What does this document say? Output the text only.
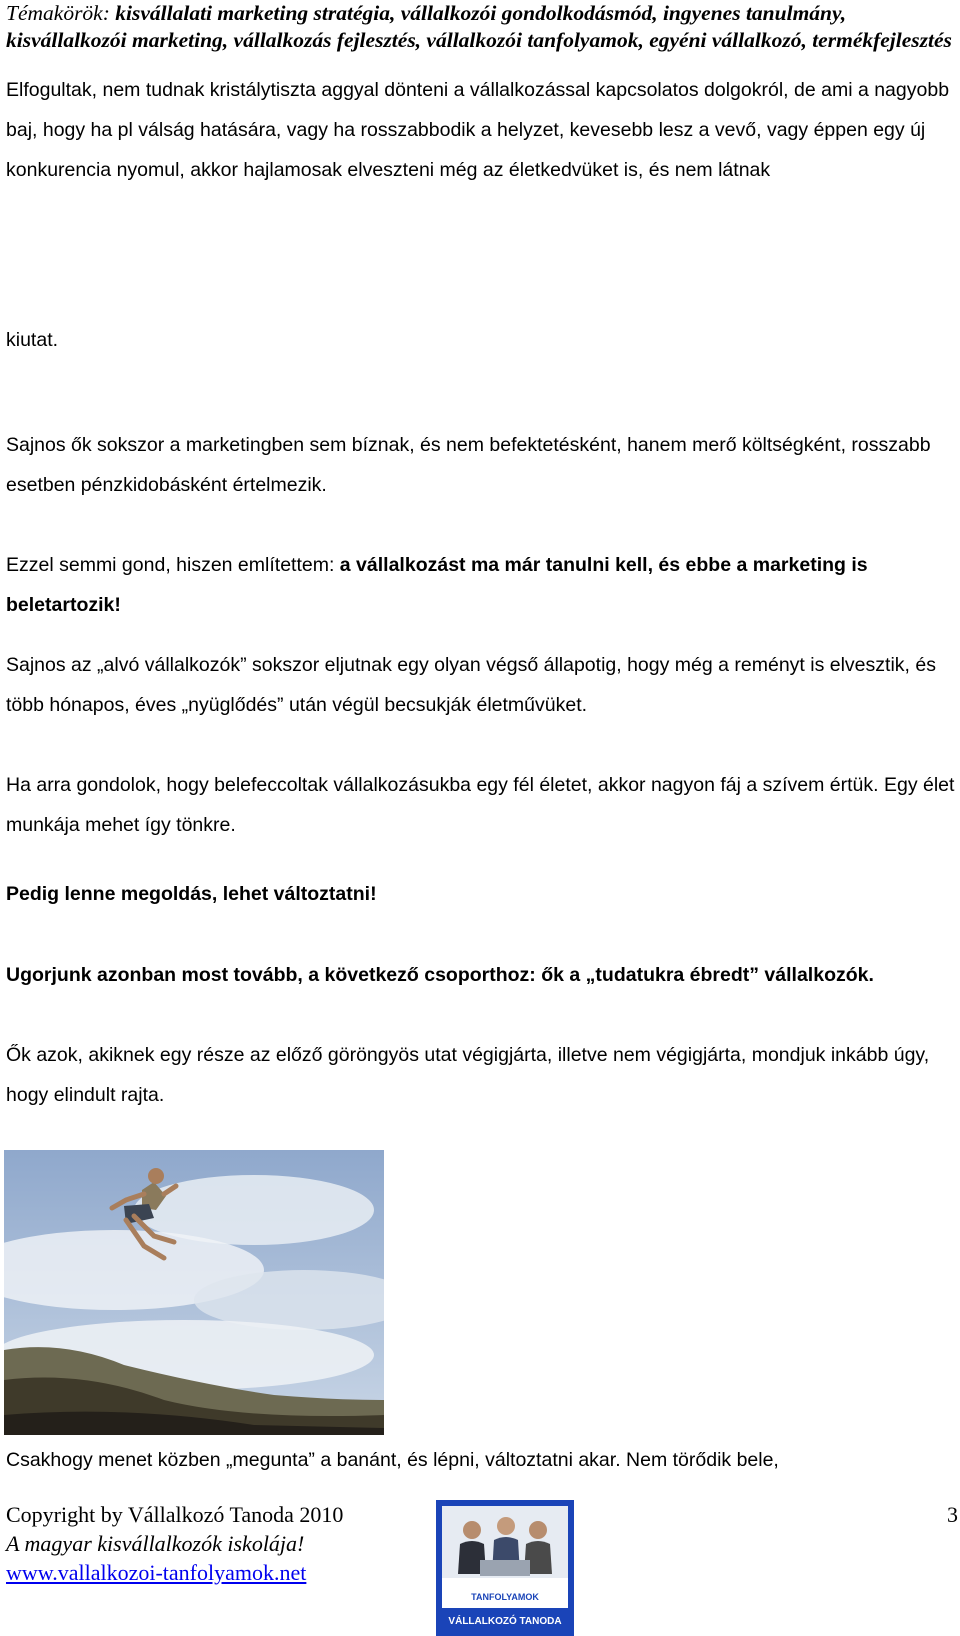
Témakörök: kisvállalati marketing stratégia, vállalkozói gondolkodásmód, ingyenes tanulmány, kisvállalkozói marketing, vállalkozás fejlesztés, vállalkozói tanfolyamok, egyéni vállalkozó, termékfejlesztés
Elfogultak, nem tudnak kristálytiszta aggyal dönteni a vállalkozással kapcsolatos dolgokról, de ami a nagyobb baj, hogy ha pl válság hatására, vagy ha rosszabbodik a helyzet, kevesebb lesz a vevő, vagy éppen egy új konkurencia nyomul, akkor hajlamosak elveszteni még az életkedvüket is, és nem látnak
kiutat.
Sajnos ők sokszor a marketingben sem bíznak, és nem befektetésként, hanem merő költségként, rosszabb esetben pénzkidobásként értelmezik.
Ezzel semmi gond, hiszen említettem: a vállalkozást ma már tanulni kell, és ebbe a marketing is beletartozik!
Sajnos az „alvó vállalkozók” sokszor eljutnak egy olyan végső állapotig, hogy még a reményt is elvesztik, és több hónapos, éves „nyüglődés” után végül becsukják életművüket.
Ha arra gondolok, hogy belefeccoltak vállalkozásukba egy fél életet, akkor nagyon fáj a szívem értük. Egy élet munkája mehet így tönkre.
Pedig lenne megoldás, lehet változtatni!
Ugorjunk azonban most tovább, a következő csoporthoz: ők a „tudatukra ébredt” vállalkozók.
Ők azok, akiknek egy része az előző göröngyös utat végigjárta, illetve nem végigjárta, mondjuk inkább úgy, hogy elindult rajta.
Csakhogy menet közben „megunta” a banánt, és lépni, változtatni akar. Nem törődik bele,
Copyright by Vállalkozó Tanoda 2010
A magyar kisvállalkozók iskolája!
www.vallalkozoi-tanfolyamok.net
TANFOLYAMOK
VÁLLALKOZÓ TANODA
3
